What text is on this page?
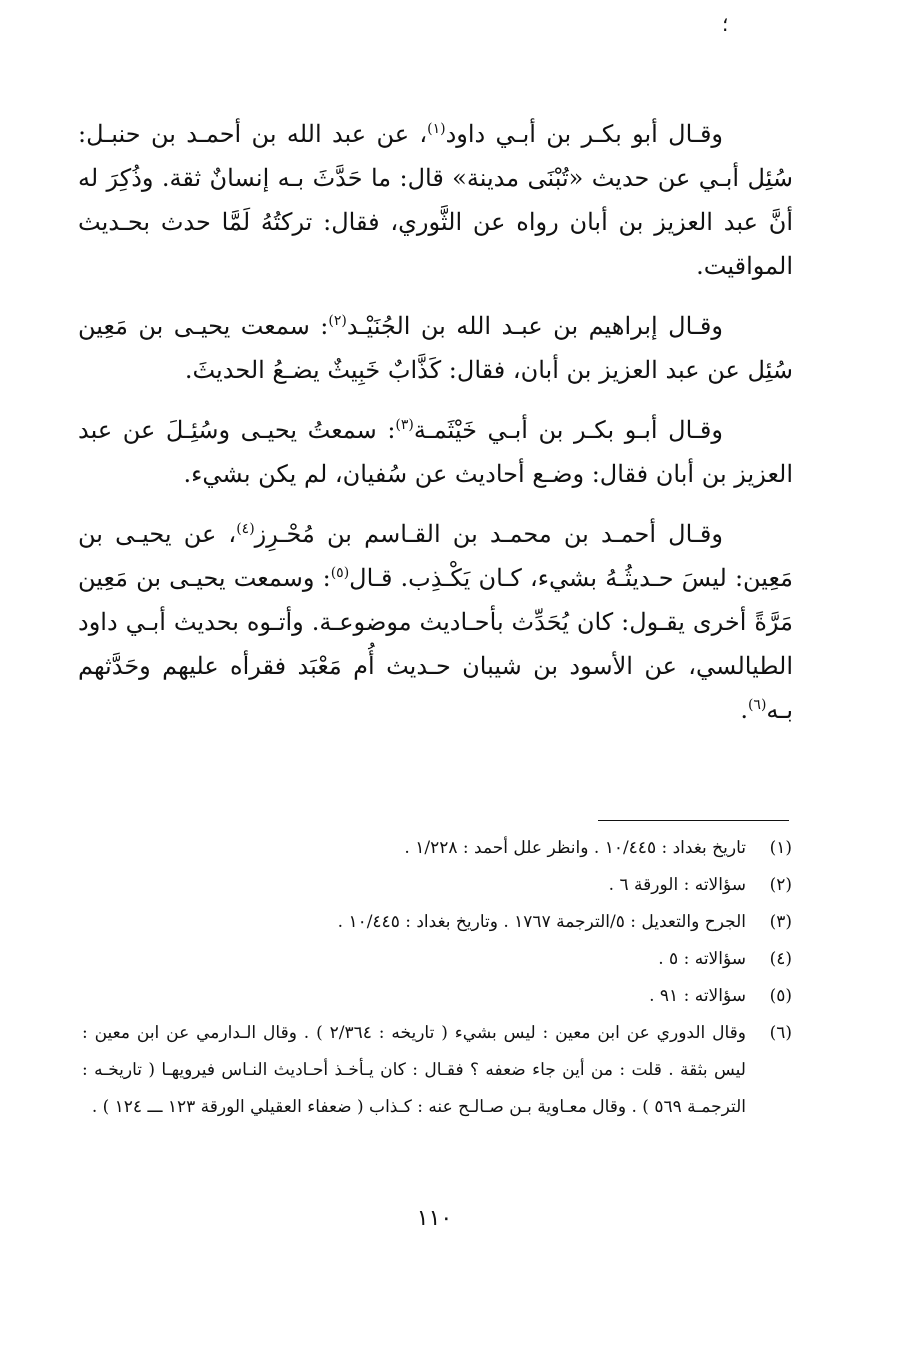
؛

وقـال أبو بكـر بن أبـي داود$^{(١)}$، عن عبد الله بن أحمـد بن حنبـل: سُئِل أبـي عن حديث «تُبْنَى مدينة» قال: ما حَدَّثَ بـه إنسانٌ ثقة. وذُكِرَ له أنَّ عبد العزيز بن أبان رواه عن الثَّوري، فقال: تركتُهُ لَمَّا حدث بحـديث المواقيت.

وقـال إبراهيم بن عبـد الله بن الجُنَيْـد$^{(٢)}$: سمعت يحيـى بن مَعِين سُئِل عن عبد العزيز بن أبان، فقال: كَذَّابٌ خَبِيثٌ يضـعُ الحديثَ.

وقـال أبـو بكـر بن أبـي خَيْثَمـة$^{(٣)}$: سمعتُ يحيـى وسُئِـلَ عن عبد العزيز بن أبان فقال: وضـع أحاديث عن سُفيان، لم يكن بشيء.

وقـال أحمـد بن محمـد بن القـاسم بن مُحْـرِز$^{(٤)}$، عن يحيـى بن مَعِين: ليسَ حـديثُـهُ بشيء، كـان يَكْـذِب. قـال$^{(٥)}$: وسمعت يحيـى بن مَعِين مَرَّةً أخرى يقـول: كان يُحَدِّث بأحـاديث موضوعـة. وأتـوه بحديث أبـي داود الطيالسي، عن الأسود بن شيبان حـديث أُم مَعْبَد فقرأه عليهم وحَدَّثهم بـه$^{(٦)}$.

(١)
تاريخ بغداد : ١٠/٤٤٥ . وانظر علل أحمد : ١/٢٢٨ .
(٢)
سؤالاته : الورقة ٦ .
(٣)
الجرح والتعديل : ٥/الترجمة ١٧٦٧ . وتاريخ بغداد : ١٠/٤٤٥ .
(٤)
سؤالاته : ٥ .
(٥)
سؤالاته : ٩١ .
(٦)
وقال الدوري عن ابن معين : ليس بشيء ( تاريخه : ٢/٣٦٤ ) . وقال الـدارمي عن ابن معين : ليس بثقة . قلت : من أين جاء ضعفه ؟ فقـال : كان يـأخـذ أحـاديث النـاس فيرويهـا ( تاريخـه : الترجمـة ٥٦٩ ) . وقال معـاوية بـن صـالـح عنه : كـذاب ( ضعفاء العقيلي الورقة ١٢٣ ـــ ١٢٤ ) .
١١٠
